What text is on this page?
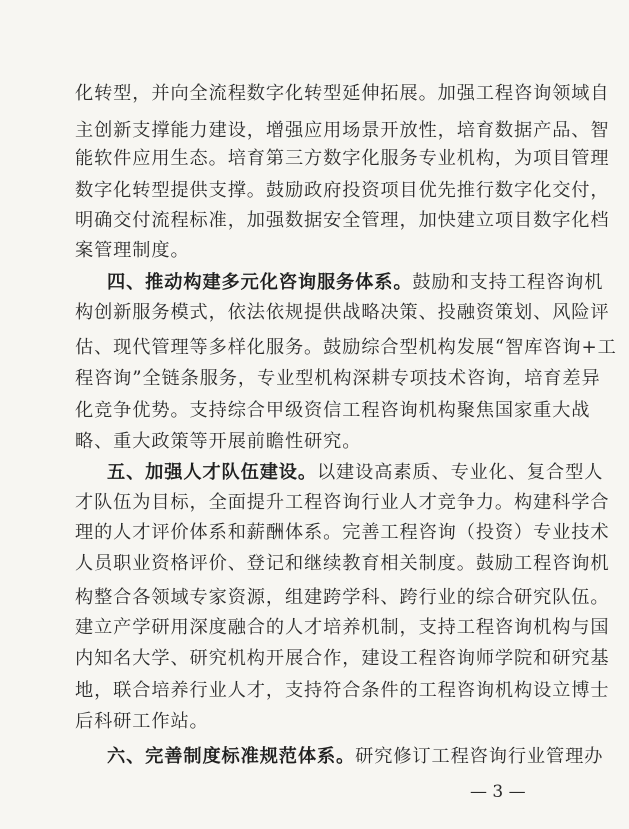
化转型，并向全流程数字化转型延伸拓展。加强工程咨询领域自
主创新支撑能力建设，增强应用场景开放性，培育数据产品、智
能软件应用生态。培育第三方数字化服务专业机构，为项目管理
数字化转型提供支撑。鼓励政府投资项目优先推行数字化交付，
明确交付流程标准，加强数据安全管理，加快建立项目数字化档
案管理制度。
四、推动构建多元化咨询服务体系。鼓励和支持工程咨询机
构创新服务模式，依法依规提供战略决策、投融资策划、风险评
估、现代管理等多样化服务。鼓励综合型机构发展“智库咨询+工
程咨询”全链条服务，专业型机构深耕专项技术咨询，培育差异
化竞争优势。支持综合甲级资信工程咨询机构聚焦国家重大战
略、重大政策等开展前瞻性研究。
五、加强人才队伍建设。以建设高素质、专业化、复合型人
才队伍为目标，全面提升工程咨询行业人才竞争力。构建科学合
理的人才评价体系和薪酬体系。完善工程咨询（投资）专业技术
人员职业资格评价、登记和继续教育相关制度。鼓励工程咨询机
构整合各领域专家资源，组建跨学科、跨行业的综合研究队伍。
建立产学研用深度融合的人才培养机制，支持工程咨询机构与国
内知名大学、研究机构开展合作，建设工程咨询师学院和研究基
地，联合培养行业人才，支持符合条件的工程咨询机构设立博士
后科研工作站。
六、完善制度标准规范体系。研究修订工程咨询行业管理办
— 3 —
